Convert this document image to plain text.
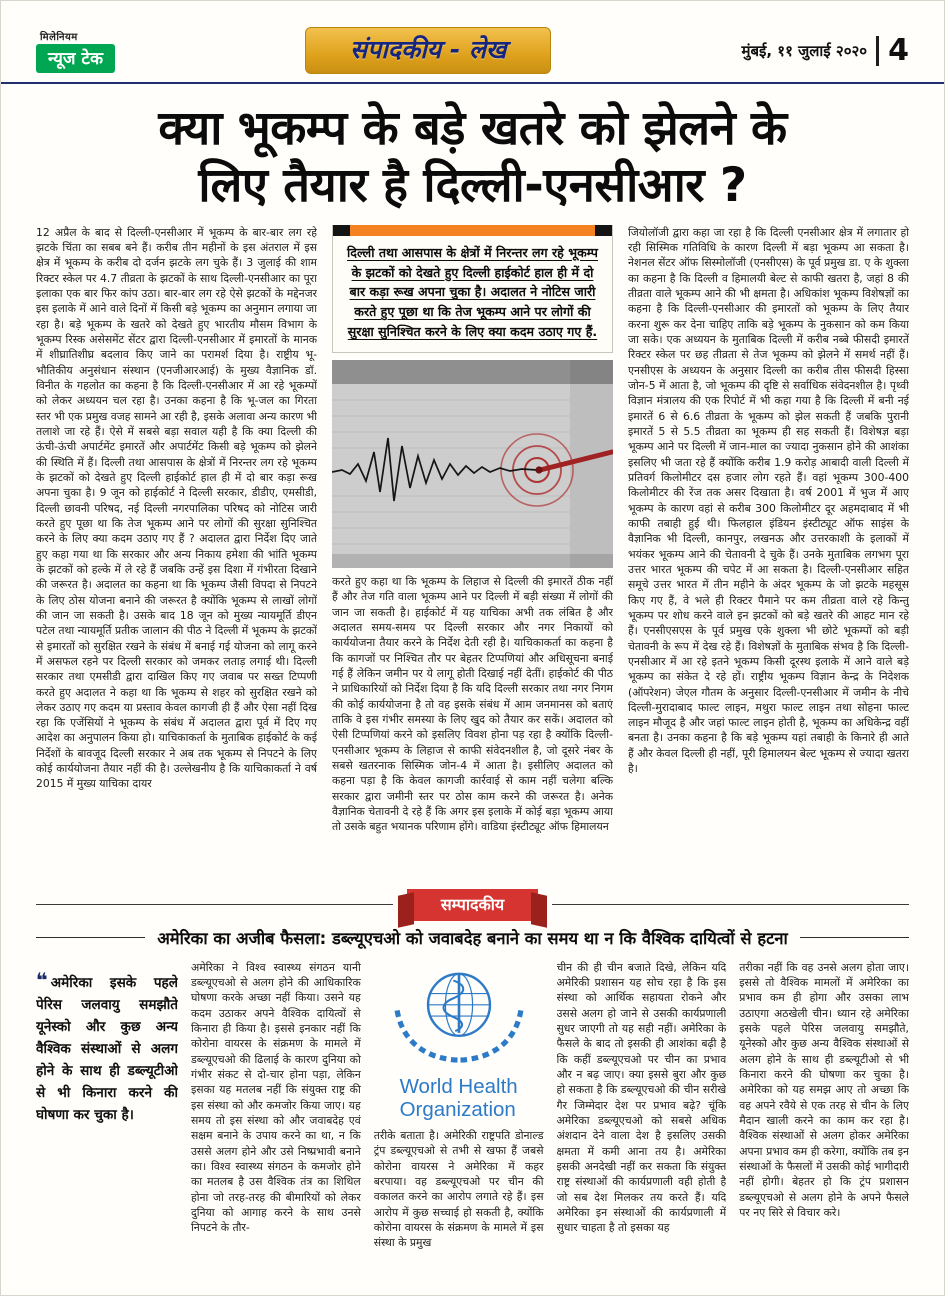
मिलेनियम
न्यूज टेक	संपादकीय - लेख	मुंबई, ११ जुलाई २०२० 4
क्या भूकम्प के बड़े खतरे को झेलने के
लिए तैयार है दिल्ली-एनसीआर ?
12 अप्रैल के बाद से दिल्ली-एनसीआर में भूकम्प के बार-बार लग रहे झटके चिंता का सबब बने हैं। करीब तीन महीनों के इस अंतराल में इस क्षेत्र में भूकम्प के करीब दो दर्जन झटके लग चुके हैं। 3 जुलाई की शाम रिक्टर स्केल पर 4.7 तीव्रता के झटकों के साथ दिल्ली-एनसीआर का पूरा इलाका एक बार फिर कांप उठा। बार-बार लग रहे ऐसे झटकों के मद्देनजर इस इलाके में आने वाले दिनों में किसी बड़े भूकम्प का अनुमान लगाया जा रहा है। बड़े भूकम्प के खतरे को देखते हुए भारतीय मौसम विभाग के भूकम्प रिस्क असेसमेंट सेंटर द्वारा दिल्ली-एनसीआर में इमारतों के मानक में शीघ्रातिशीघ्र बदलाव किए जाने का परामर्श दिया है। राष्ट्रीय भू-भौतिकीय अनुसंधान संस्थान (एनजीआरआई) के मुख्य वैज्ञानिक डॉ. विनीत के गहलोत का कहना है कि दिल्ली-एनसीआर में आ रहे भूकम्पों को लेकर अध्ययन चल रहा है। उनका कहना है कि भू-जल का गिरता स्तर भी एक प्रमुख वजह सामने आ रही है, इसके अलावा अन्य कारण भी तलाशे जा रहे हैं। ऐसे में सबसे बड़ा सवाल यही है कि क्या दिल्ली की ऊंची-ऊंची अपार्टमेंट इमारतें और अपार्टमेंट किसी बड़े भूकम्प को झेलने की स्थिति में हैं। दिल्ली तथा आसपास के क्षेत्रों में निरन्तर लग रहे भूकम्प के झटकों को देखते हुए दिल्ली हाईकोर्ट हाल ही में दो बार कड़ा रूख अपना चुका है। 9 जून को हाईकोर्ट ने दिल्ली सरकार, डीडीए, एमसीडी, दिल्ली छावनी परिषद, नई दिल्ली नगरपालिका परिषद को नोटिस जारी करते हुए पूछा था कि तेज भूकम्प आने पर लोगों की सुरक्षा सुनिश्चित करने के लिए क्या कदम उठाए गए हैं ? अदालत द्वारा निर्देश दिए जाते हुए कहा गया था कि सरकार और अन्य निकाय हमेशा की भांति भूकम्प के झटकों को हल्के में ले रहे हैं जबकि उन्हें इस दिशा में गंभीरता दिखाने की जरूरत है। अदालत का कहना था कि भूकम्प जैसी विपदा से निपटने के लिए ठोस योजना बनाने की जरूरत है क्योंकि भूकम्प से लाखों लोगों की जान जा सकती है। उसके बाद 18 जून को मुख्य न्यायमूर्ति डीएन पटेल तथा न्यायमूर्ति प्रतीक जालान की पीठ ने दिल्ली में भूकम्प के झटकों से इमारतों को सुरक्षित रखने के संबंध में बनाई गई योजना को लागू करने में असफल रहने पर दिल्ली सरकार को जमकर लताड़ लगाई थी। दिल्ली सरकार तथा एमसीडी द्वारा दाखिल किए गए जवाब पर सख्त टिप्पणी करते हुए अदालत ने कहा था कि भूकम्प से शहर को सुरक्षित रखने को लेकर उठाए गए कदम या प्रस्ताव केवल कागजी ही हैं और ऐसा नहीं दिख रहा कि एजेंसियों ने भूकम्प के संबंध में अदालत द्वारा पूर्व में दिए गए आदेश का अनुपालन किया हो। याचिकाकर्ता के मुताबिक हाईकोर्ट के कई निर्देशों के बावजूद दिल्ली सरकार ने अब तक भूकम्प से निपटने के लिए कोई कार्ययोजना तैयार नहीं की है। उल्लेखनीय है कि याचिकाकर्ता ने वर्ष 2015 में मुख्य याचिका दायर
दिल्ली तथा आसपास के क्षेत्रों में निरन्तर लग रहे भूकम्प के झटकों को देखते हुए दिल्ली हाईकोर्ट हाल ही में दो बार कड़ा रूख अपना चुका है। अदालत ने नोटिस जारी करते हुए पूछा था कि तेज भूकम्प आने पर लोगों की सुरक्षा सुनिश्चित करने के लिए क्या कदम उठाए गए हैं.
करते हुए कहा था कि भूकम्प के लिहाज से दिल्ली की इमारतें ठीक नहीं हैं और तेज गति वाला भूकम्प आने पर दिल्ली में बड़ी संख्या में लोगों की जान जा सकती है। हाईकोर्ट में यह याचिका अभी तक लंबित है और अदालत समय-समय पर दिल्ली सरकार और नगर निकायों को कार्ययोजना तैयार करने के निर्देश देती रही है। याचिकाकर्ता का कहना है कि कागजों पर निश्चित तौर पर बेहतर टिप्पणियां और अधिसूचना बनाई गई हैं लेकिन जमीन पर ये लागू होती दिखाई नहीं देतीं। हाईकोर्ट की पीठ ने प्राधिकारियों को निर्देश दिया है कि यदि दिल्ली सरकार तथा नगर निगम की कोई कार्ययोजना है तो वह इसके संबंध में आम जनमानस को बताएं ताकि वे इस गंभीर समस्या के लिए खुद को तैयार कर सकें। अदालत को ऐसी टिप्पणियां करने को इसलिए विवश होना पड़ रहा है क्योंकि दिल्ली-एनसीआर भूकम्प के लिहाज से काफी संवेदनशील है, जो दूसरे नंबर के सबसे खतरनाक सिस्मिक जोन-4 में आता है। इसीलिए अदालत को कहना पड़ा है कि केवल कागजी कार्रवाई से काम नहीं चलेगा बल्कि सरकार द्वारा जमीनी स्तर पर ठोस काम करने की जरूरत है। अनेक वैज्ञानिक चेतावनी दे रहे हैं कि अगर इस इलाके में कोई बड़ा भूकम्प आया तो उसके बहुत भयानक परिणाम होंगे। वाडिया इंस्टीट्यूट ऑफ हिमालयन
जियोलॉजी द्वारा कहा जा रहा है कि दिल्ली एनसीआर क्षेत्र में लगातार हो रही सिस्मिक गतिविधि के कारण दिल्ली में बड़ा भूकम्प आ सकता है। नेशनल सेंटर ऑफ सिस्मोलॉजी (एनसीएस) के पूर्व प्रमुख डा. ए के शुक्ला का कहना है कि दिल्ली व हिमालयी बेल्ट से काफी खतरा है, जहां 8 की तीव्रता वाले भूकम्प आने की भी क्षमता है। अधिकांश भूकम्प विशेषज्ञों का कहना है कि दिल्ली-एनसीआर की इमारतों को भूकम्प के लिए तैयार करना शुरू कर देना चाहिए ताकि बड़े भूकम्प के नुकसान को कम किया जा सके। एक अध्ययन के मुताबिक दिल्ली में करीब नब्बे फीसदी इमारतें रिक्टर स्केल पर छह तीव्रता से तेज भूकम्प को झेलने में समर्थ नहीं हैं। एनसीएस के अध्ययन के अनुसार दिल्ली का करीब तीस फीसदी हिस्सा जोन-5 में आता है, जो भूकम्प की दृष्टि से सर्वाधिक संवेदनशील है। पृथ्वी विज्ञान मंत्रालय की एक रिपोर्ट में भी कहा गया है कि दिल्ली में बनी नई इमारतें 6 से 6.6 तीव्रता के भूकम्प को झेल सकती हैं जबकि पुरानी इमारतें 5 से 5.5 तीव्रता का भूकम्प ही सह सकती हैं। विशेषज्ञ बड़ा भूकम्प आने पर दिल्ली में जान-माल का ज्यादा नुकसान होने की आशंका इसलिए भी जता रहे हैं क्योंकि करीब 1.9 करोड़ आबादी वाली दिल्ली में प्रतिवर्ग किलोमीटर दस हजार लोग रहते हैं। वहां भूकम्प 300-400 किलोमीटर की रेंज तक असर दिखाता है। वर्ष 2001 में भुज में आए भूकम्प के कारण वहां से करीब 300 किलोमीटर दूर अहमदाबाद में भी काफी तबाही हुई थी। फिलहाल इंडियन इंस्टीट्यूट ऑफ साइंस के वैज्ञानिक भी दिल्ली, कानपुर, लखनऊ और उत्तरकाशी के इलाकों में भयंकर भूकम्प आने की चेतावनी दे चुके हैं। उनके मुताबिक लगभग पूरा उत्तर भारत भूकम्प की चपेट में आ सकता है। दिल्ली-एनसीआर सहित समूचे उत्तर भारत में तीन महीने के अंदर भूकम्प के जो झटके महसूस किए गए हैं, वे भले ही रिक्टर पैमाने पर कम तीव्रता वाले रहे किन्तु भूकम्प पर शोध करने वाले इन झटकों को बड़े खतरे की आहट मान रहे हैं। एनसीएसएस के पूर्व प्रमुख एके शुक्ला भी छोटे भूकम्पों को बड़ी चेतावनी के रूप में देख रहे हैं। विशेषज्ञों के मुताबिक संभव है कि दिल्ली-एनसीआर में आ रहे इतने भूकम्प किसी दूरस्थ इलाके में आने वाले बड़े भूकम्प का संकेत दे रहे हों। राष्ट्रीय भूकम्प विज्ञान केन्द्र के निदेशक (ऑपरेशन) जेएल गौतम के अनुसार दिल्ली-एनसीआर में जमीन के नीचे दिल्ली-मुरादाबाद फाल्ट लाइन, मथुरा फाल्ट लाइन तथा सोहना फाल्ट लाइन मौजूद है और जहां फाल्ट लाइन होती है, भूकम्प का अधिकेन्द्र वहीं बनता है। उनका कहना है कि बड़े भूकम्प यहां तबाही के किनारे ही आते हैं और केवल दिल्ली ही नहीं, पूरी हिमालयन बेल्ट भूकम्प से ज्यादा खतरा है।
सम्पादकीय
अमेरिका का अजीब फैसला: डब्ल्यूएचओ को जवाबदेह बनाने का समय था न कि वैश्विक दायित्वों से हटना
❝ अमेरिका इसके पहले पेरिस जलवायु समझौते यूनेस्को और कुछ अन्य वैश्विक संस्थाओं से अलग होने के साथ ही डब्ल्यूटीओ से भी किनारा करने की घोषणा कर चुका है।
अमेरिका ने विश्व स्वास्थ्य संगठन यानी डब्ल्यूएचओ से अलग होने की आधिकारिक घोषणा करके अच्छा नहीं किया। उसने यह कदम उठाकर अपने वैश्विक दायित्वों से किनारा ही किया है। इससे इनकार नहीं कि कोरोना वायरस के संक्रमण के मामले में डब्ल्यूएचओ की ढिलाई के कारण दुनिया को गंभीर संकट से दो-चार होना पड़ा, लेकिन इसका यह मतलब नहीं कि संयुक्त राष्ट्र की इस संस्था को और कमजोर किया जाए। यह समय तो इस संस्था को और जवाबदेह एवं सक्षम बनाने के उपाय करने का था, न कि उससे अलग होने और उसे निष्प्रभावी बनाने का। विश्व स्वास्थ्य संगठन के कमजोर होने का मतलब है उस वैश्विक तंत्र का शिथिल होना जो तरह-तरह की बीमारियों को लेकर दुनिया को आगाह करने के साथ उनसे निपटने के तौर-

World Health
Organization
तरीके बताता है। अमेरिकी राष्ट्रपति डोनाल्ड ट्रंप डब्ल्यूएचओ से तभी से खफा हैं जबसे कोरोना वायरस ने अमेरिका में कहर बरपाया। वह डब्ल्यूएचओ पर चीन की वकालत करने का आरोप लगाते रहे हैं। इस आरोप में कुछ सच्चाई हो सकती है, क्योंकि कोरोना वायरस के संक्रमण के मामले में इस संस्था के प्रमुख
चीन की ही चीन बजाते दिखे, लेकिन यदि अमेरिकी प्रशासन यह सोच रहा है कि इस संस्था को आर्थिक सहायता रोकने और उससे अलग हो जाने से उसकी कार्यप्रणाली सुधर जाएगी तो यह सही नहीं। अमेरिका के फैसले के बाद तो इसकी ही आशंका बढ़ी है कि कहीं डब्ल्यूएचओ पर चीन का प्रभाव और न बढ़ जाए। क्या इससे बुरा और कुछ हो सकता है कि डब्ल्यूएचओ की चीन सरीखे गैर जिम्मेदार देश पर प्रभाव बढ़े? चूंकि अमेरिका डब्ल्यूएचओ को सबसे अधिक अंशदान देने वाला देश है इसलिए उसकी क्षमता में कमी आना तय है। अमेरिका इसकी अनदेखी नहीं कर सकता कि संयुक्त राष्ट्र संस्थाओं की कार्यप्रणाली वही होती है जो सब देश मिलकर तय करते हैं। यदि अमेरिका इन संस्थाओं की कार्यप्रणाली में सुधार चाहता है तो इसका यह
तरीका नहीं कि वह उनसे अलग होता जाए। इससे तो वैश्विक मामलों में अमेरिका का प्रभाव कम ही होगा और उसका लाभ उठाएगा अठखेली चीन। ध्यान रहे अमेरिका इसके पहले पेरिस जलवायु समझौते, यूनेस्को और कुछ अन्य वैश्विक संस्थाओं से अलग होने के साथ ही डब्ल्यूटीओ से भी किनारा करने की घोषणा कर चुका है। अमेरिका को यह समझ आए तो अच्छा कि वह अपने रवैये से एक तरह से चीन के लिए मैदान खाली करने का काम कर रहा है। वैश्विक संस्थाओं से अलग होकर अमेरिका अपना प्रभाव कम ही करेगा, क्योंकि तब इन संस्थाओं के फैसलों में उसकी कोई भागीदारी नहीं होगी। बेहतर हो कि ट्रंप प्रशासन डब्ल्यूएचओ से अलग होने के अपने फैसले पर नए सिरे से विचार करे।
